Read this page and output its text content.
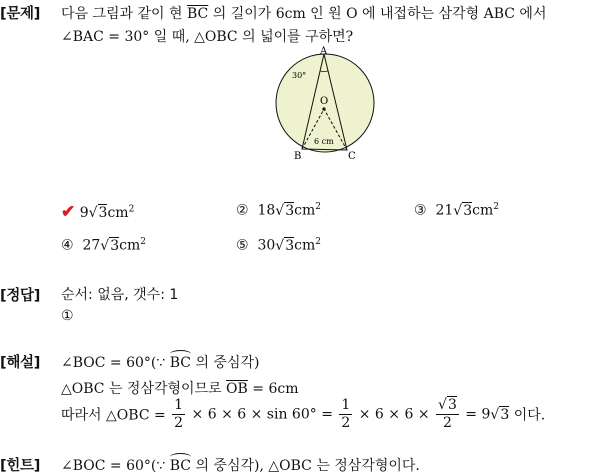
[문제] 다음 그림과 같이 현 $\overline{BC}$ 의 길이가 6cm 인 원 O 에 내접하는 삼각형 ABC 에서
∠BAC = 30° 일 때, △OBC 의 넓이를 구하면?
A
B	C
O
30°
6 cm
✔ $9√3cm^2$	② $18√3cm^2$	③ $21√3cm^2$
④ $27√3cm^2$	⑤ $30√3cm^2$
[정답] 순서: 없음, 갯수: 1
①
[해설] ∠BOC = 60°(∵ BC 의 중심각)
△OBC 는 정삼각형이므로 $\overline{OB} = 6cm$
따라서 △OBC = $\frac{1}{2} \times 6 \times 6 \times \sin 60^\circ = \frac{1}{2} \times 6 \times 6 \times \frac{√3}{2} = 9√3$ 이다.
[힌트] ∠BOC = 60°(∵ BC 의 중심각), △OBC 는 정삼각형이다.
